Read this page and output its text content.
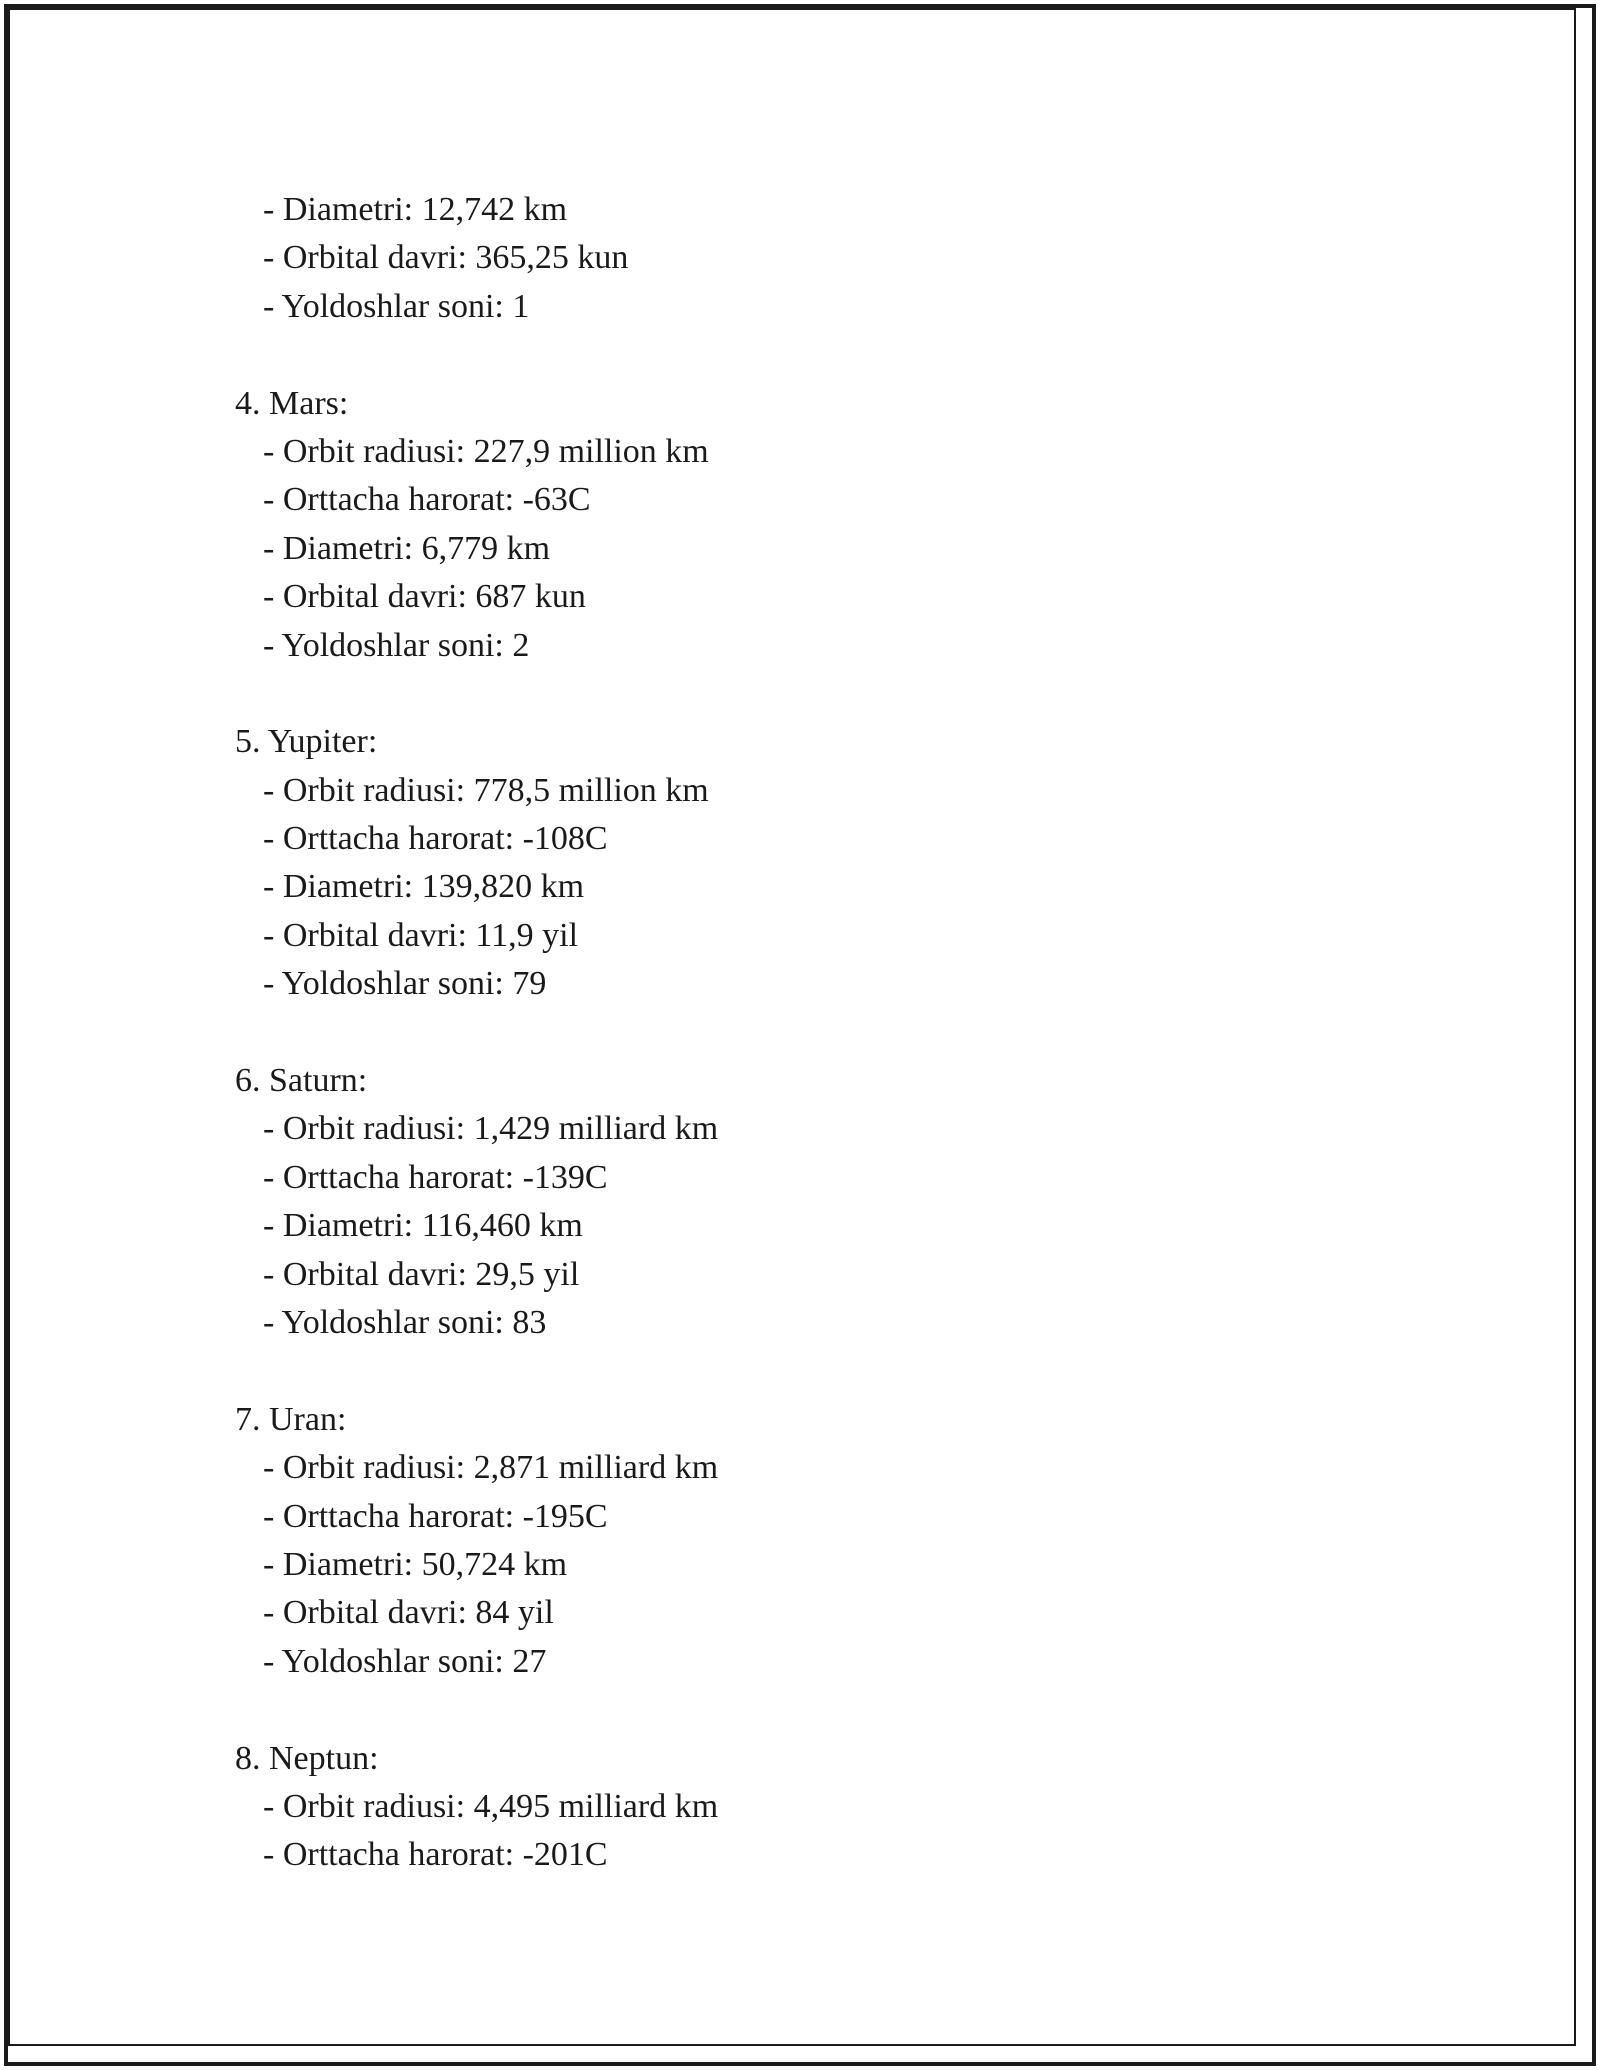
- Diametri: 12,742 km
- Orbital davri: 365,25 kun
- Yoldoshlar soni: 1
4. Mars:
- Orbit radiusi: 227,9 million km
- Orttacha harorat: -63C
- Diametri: 6,779 km
- Orbital davri: 687 kun
- Yoldoshlar soni: 2
5. Yupiter:
- Orbit radiusi: 778,5 million km
- Orttacha harorat: -108C
- Diametri: 139,820 km
- Orbital davri: 11,9 yil
- Yoldoshlar soni: 79
6. Saturn:
- Orbit radiusi: 1,429 milliard km
- Orttacha harorat: -139C
- Diametri: 116,460 km
- Orbital davri: 29,5 yil
- Yoldoshlar soni: 83
7. Uran:
- Orbit radiusi: 2,871 milliard km
- Orttacha harorat: -195C
- Diametri: 50,724 km
- Orbital davri: 84 yil
- Yoldoshlar soni: 27
8. Neptun:
- Orbit radiusi: 4,495 milliard km
- Orttacha harorat: -201C
